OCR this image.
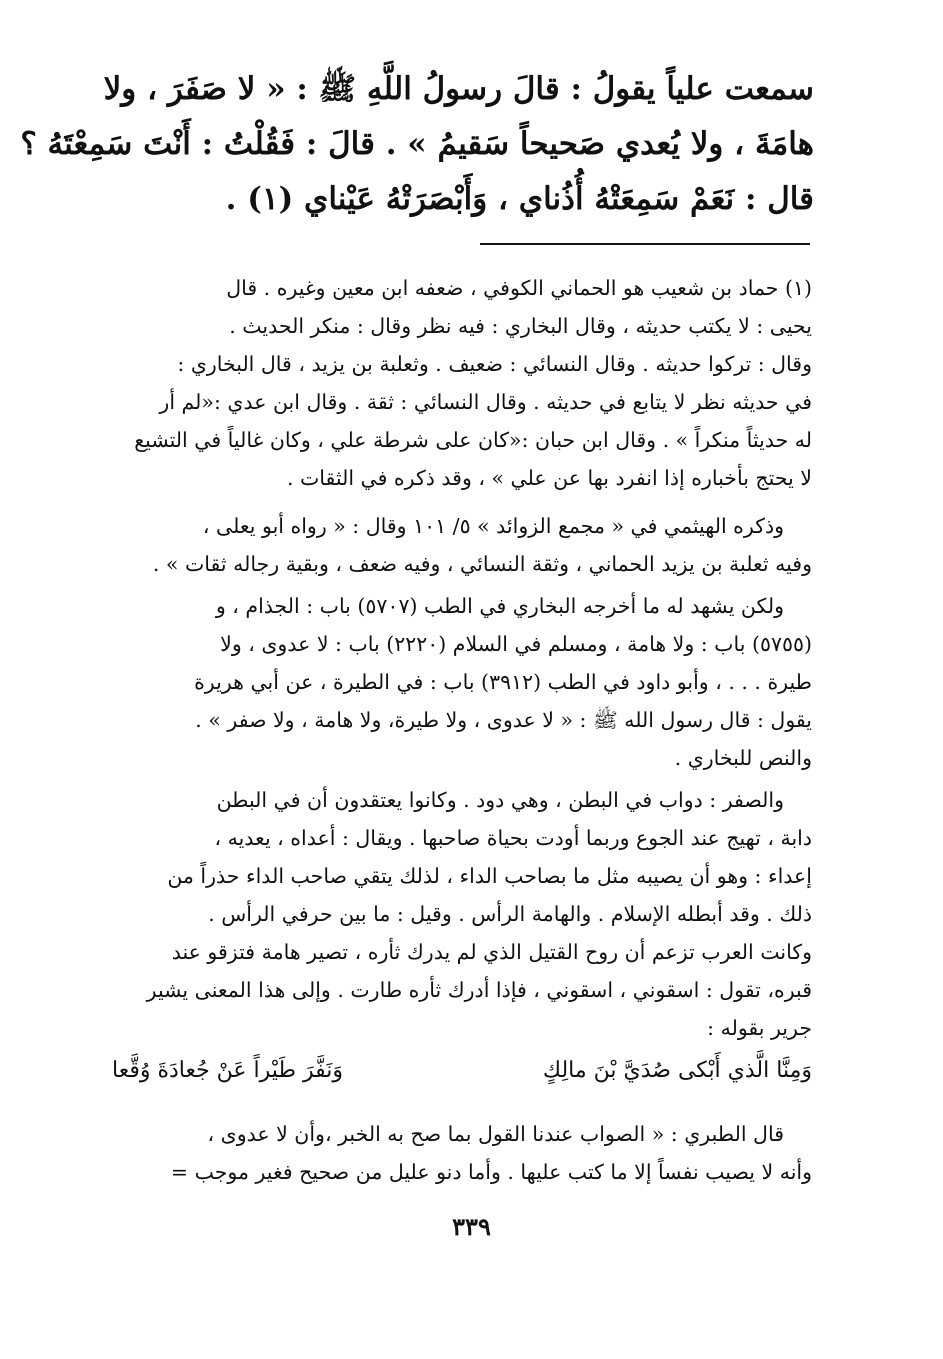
سمعت علياً يقولُ : قالَ رسولُ اللَّهِ ﷺ : « لا صَفَرَ ، ولا
هامَةَ ، ولا يُعدي صَحيحاً سَقيمُ » . قالَ : فَقُلْتُ : أَنْتَ سَمِعْتَهُ ؟
قال : نَعَمْ سَمِعَتْهُ أُذُناي ، وَأَبْصَرَتْهُ عَيْناي (١) .
(١) حماد بن شعيب هو الحماني الكوفي ، ضعفه ابن معين وغيره . قال
يحيى : لا يكتب حديثه ، وقال البخاري : فيه نظر وقال : منكر الحديث .
وقال : تركوا حديثه . وقال النسائي : ضعيف . وثعلبة بن يزيد ، قال البخاري :
في حديثه نظر لا يتابع في حديثه . وقال النسائي : ثقة . وقال ابن عدي :«لم أر
له حديثاً منكراً » . وقال ابن حبان :«كان على شرطة علي ، وكان غالياً في التشيع
لا يحتج بأخباره إذا انفرد بها عن علي » ، وقد ذكره في الثقات .
وذكره الهيثمي في « مجمع الزوائد » ٥/ ١٠١ وقال : « رواه أبو يعلى ،
وفيه ثعلبة بن يزيد الحماني ، وثقة النسائي ، وفيه ضعف ، وبقية رجاله ثقات » .
ولكن يشهد له ما أخرجه البخاري في الطب (٥٧٠٧) باب : الجذام ، و
(٥٧٥٥) باب : ولا هامة ، ومسلم في السلام (٢٢٢٠) باب : لا عدوى ، ولا
طيرة . . . ، وأبو داود في الطب (٣٩١٢) باب : في الطيرة ، عن أبي هريرة
يقول : قال رسول الله ﷺ : « لا عدوى ، ولا طيرة، ولا هامة ، ولا صفر » .
والنص للبخاري .
والصفر : دواب في البطن ، وهي دود . وكانوا يعتقدون أن في البطن
دابة ، تهيج عند الجوع وربما أودت بحياة صاحبها . ويقال : أعداه ، يعديه ،
إعداء : وهو أن يصيبه مثل ما بصاحب الداء ، لذلك يتقي صاحب الداء حذراً من
ذلك . وقد أبطله الإسلام . والهامة الرأس . وقيل : ما بين حرفي الرأس .
وكانت العرب تزعم أن روح القتيل الذي لم يدرك ثأره ، تصير هامة فتزقو عند
قبره، تقول : اسقوني ، اسقوني ، فإذا أدرك ثأره طارت . وإلى هذا المعنى يشير
جرير بقوله :
وَمِنَّا الَّذي أَبْكى صُدَيَّ بْنَ مالِكٍ
وَنَفَّرَ طَيْراً عَنْ جُعادَةَ وُقَّعا
قال الطبري : « الصواب عندنا القول بما صح به الخبر ،وأن لا عدوى ،
وأنه لا يصيب نفساً إلا ما كتب عليها . وأما دنو عليل من صحيح فغير موجب =
٣٣٩
